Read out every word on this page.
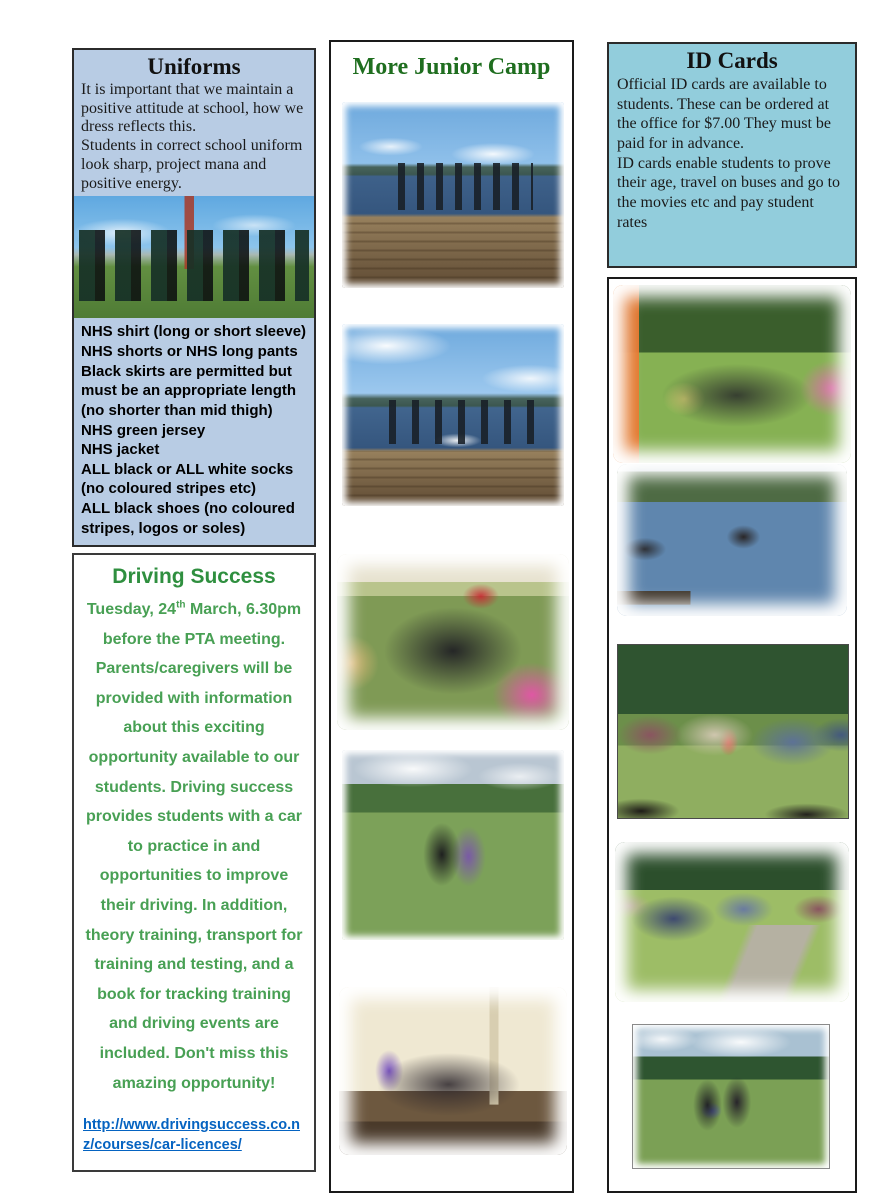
Uniforms

It is important that we maintain a positive attitude at school, how we dress reflects this.

Students in correct school uniform look sharp, project mana and positive energy.

NHS shirt (long or short sleeve)
NHS shorts or NHS long pants
Black skirts are permitted but must be an appropriate length (no shorter than mid thigh)
NHS green jersey
NHS jacket
ALL black or ALL white socks (no coloured stripes etc)
ALL black shoes (no coloured stripes, logos or soles)
Driving Success

Tuesday, 24th March, 6.30pm before the PTA meeting. Parents/caregivers will be provided with information about this exciting opportunity available to our students. Driving success provides students with a car to practice in and opportunities to improve their driving. In addition, theory training, transport for training and testing, and a book for tracking training and driving events are included. Don't miss this amazing opportunity!

http://www.drivingsuccess.co.nz/courses/car-licences/
More Junior Camp	ID Cards

Official ID cards are available to students. These can be ordered at the office for $7.00 They must be paid for in advance.

ID cards enable students to prove their age, travel on buses and go to the movies etc and pay student rates
